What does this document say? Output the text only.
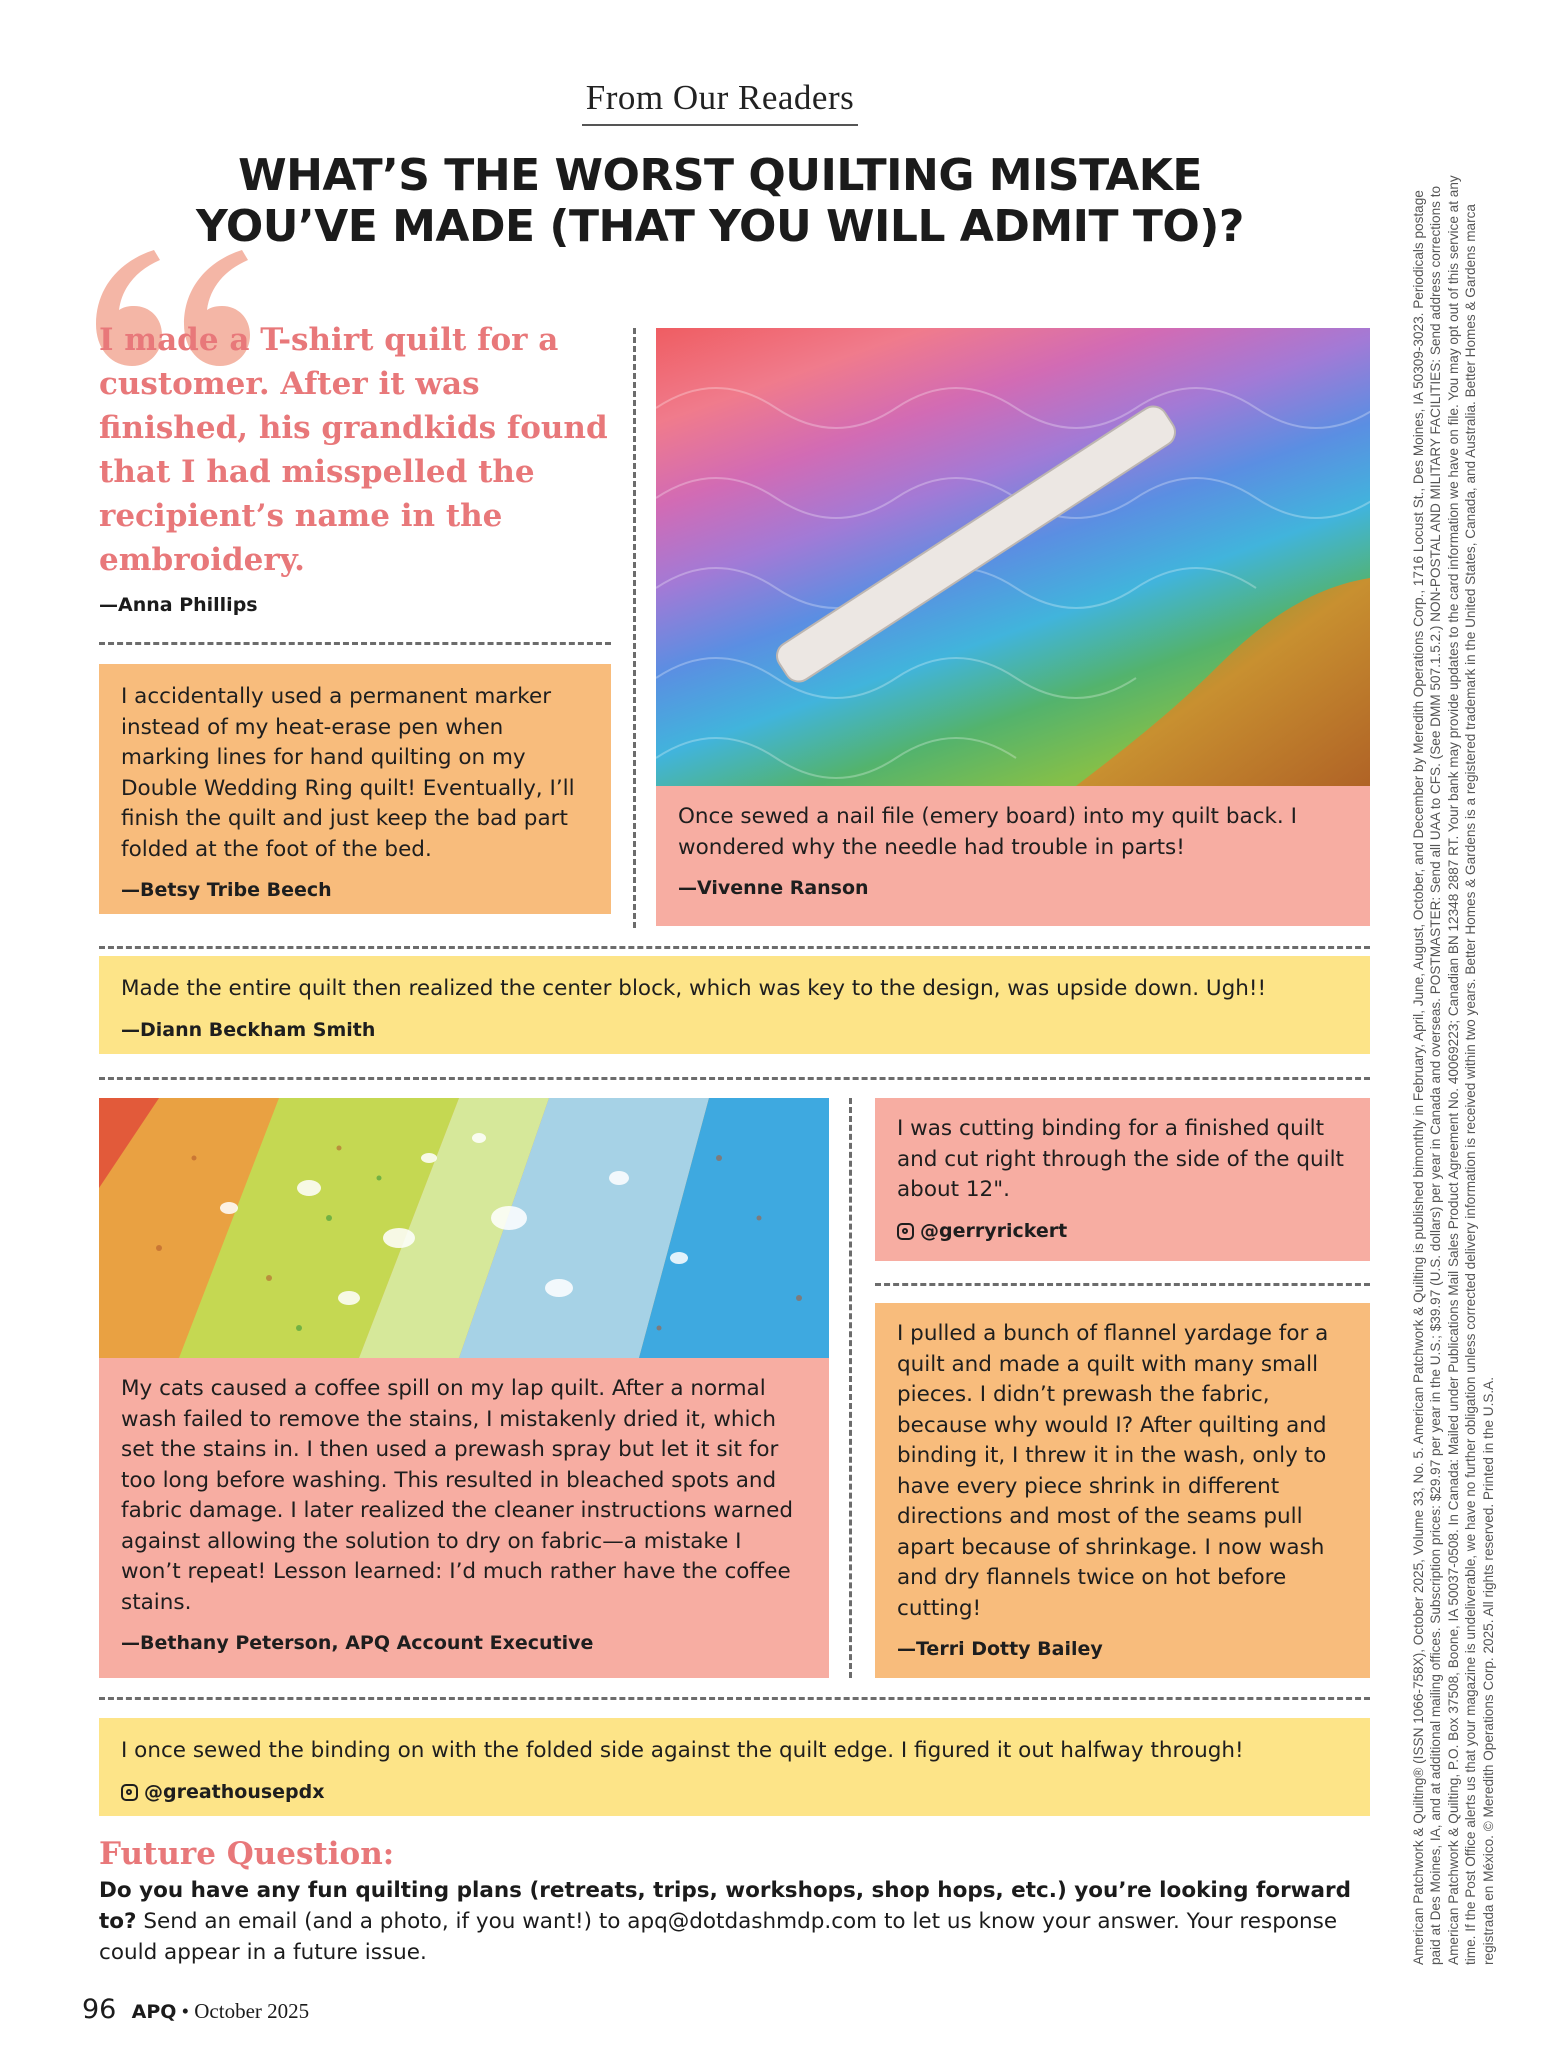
From Our Readers
WHAT’S THE WORST QUILTING MISTAKE
YOU’VE MADE (THAT YOU WILL ADMIT TO)?
I made a T-shirt quilt for a customer. After it was finished, his grandkids found that I had misspelled the recipient’s name in the embroidery.
—Anna Phillips
Once sewed a nail file (emery board) into my quilt back. I wondered why the needle had trouble in parts!
—Vivenne Ranson
I accidentally used a permanent marker instead of my heat-erase pen when marking lines for hand quilting on my Double Wedding Ring quilt! Eventually, I’ll finish the quilt and just keep the bad part folded at the foot of the bed.
—Betsy Tribe Beech
Made the entire quilt then realized the center block, which was key to the design, was upside down. Ugh!!
—Diann Beckham Smith
My cats caused a coffee spill on my lap quilt. After a normal wash failed to remove the stains, I mistakenly dried it, which set the stains in. I then used a prewash spray but let it sit for too long before washing. This resulted in bleached spots and fabric damage. I later realized the cleaner instructions warned against allowing the solution to dry on fabric—a mistake I won’t repeat! Lesson learned: I’d much rather have the coffee stains.
—Bethany Peterson, APQ Account Executive
I was cutting binding for a finished quilt and cut right through the side of the quilt about 12".
@gerryrickert
I pulled a bunch of flannel yardage for a quilt and made a quilt with many small pieces. I didn’t prewash the fabric, because why would I? After quilting and binding it, I threw it in the wash, only to have every piece shrink in different directions and most of the seams pull apart because of shrinkage. I now wash and dry flannels twice on hot before cutting!
—Terri Dotty Bailey
I once sewed the binding on with the folded side against the quilt edge. I figured it out halfway through!
@greathousepdx
Future Question:
Do you have any fun quilting plans (retreats, trips, workshops, shop hops, etc.) you’re looking forward to? Send an email (and a photo, if you want!) to apq@dotdashmdp.com to let us know your answer. Your response could appear in a future issue.
96 APQ • October 2025
American Patchwork & Quilting® (ISSN 1066-758X), October 2025, Volume 33, No. 5. American Patchwork & Quilting is published bimonthly in February, April, June, August, October, and December by Meredith Operations Corp., 1716 Locust St., Des Moines, IA 50309-3023. Periodicals postage paid at Des Moines, IA, and at additional mailing offices. Subscription prices: $29.97 per year in the U.S.; $39.97 (U.S. dollars) per year in Canada and overseas. POSTMASTER: Send all UAA to CFS. (See DMM 507.1.5.2.) NON-POSTAL AND MILITARY FACILITIES: Send address corrections to American Patchwork & Quilting, P.O. Box 37508, Boone, IA 50037-0508. In Canada: Mailed under Publications Mail Sales Product Agreement No. 40069223; Canadian BN 12348 2887 RT. Your bank may provide updates to the card information we have on file. You may opt out of this service at any time. If the Post Office alerts us that your magazine is undeliverable, we have no further obligation unless corrected delivery information is received within two years. Better Homes & Gardens is a registered trademark in the United States, Canada, and Australia. Better Homes & Gardens marca registrada en México. © Meredith Operations Corp. 2025. All rights reserved. Printed in the U.S.A.
